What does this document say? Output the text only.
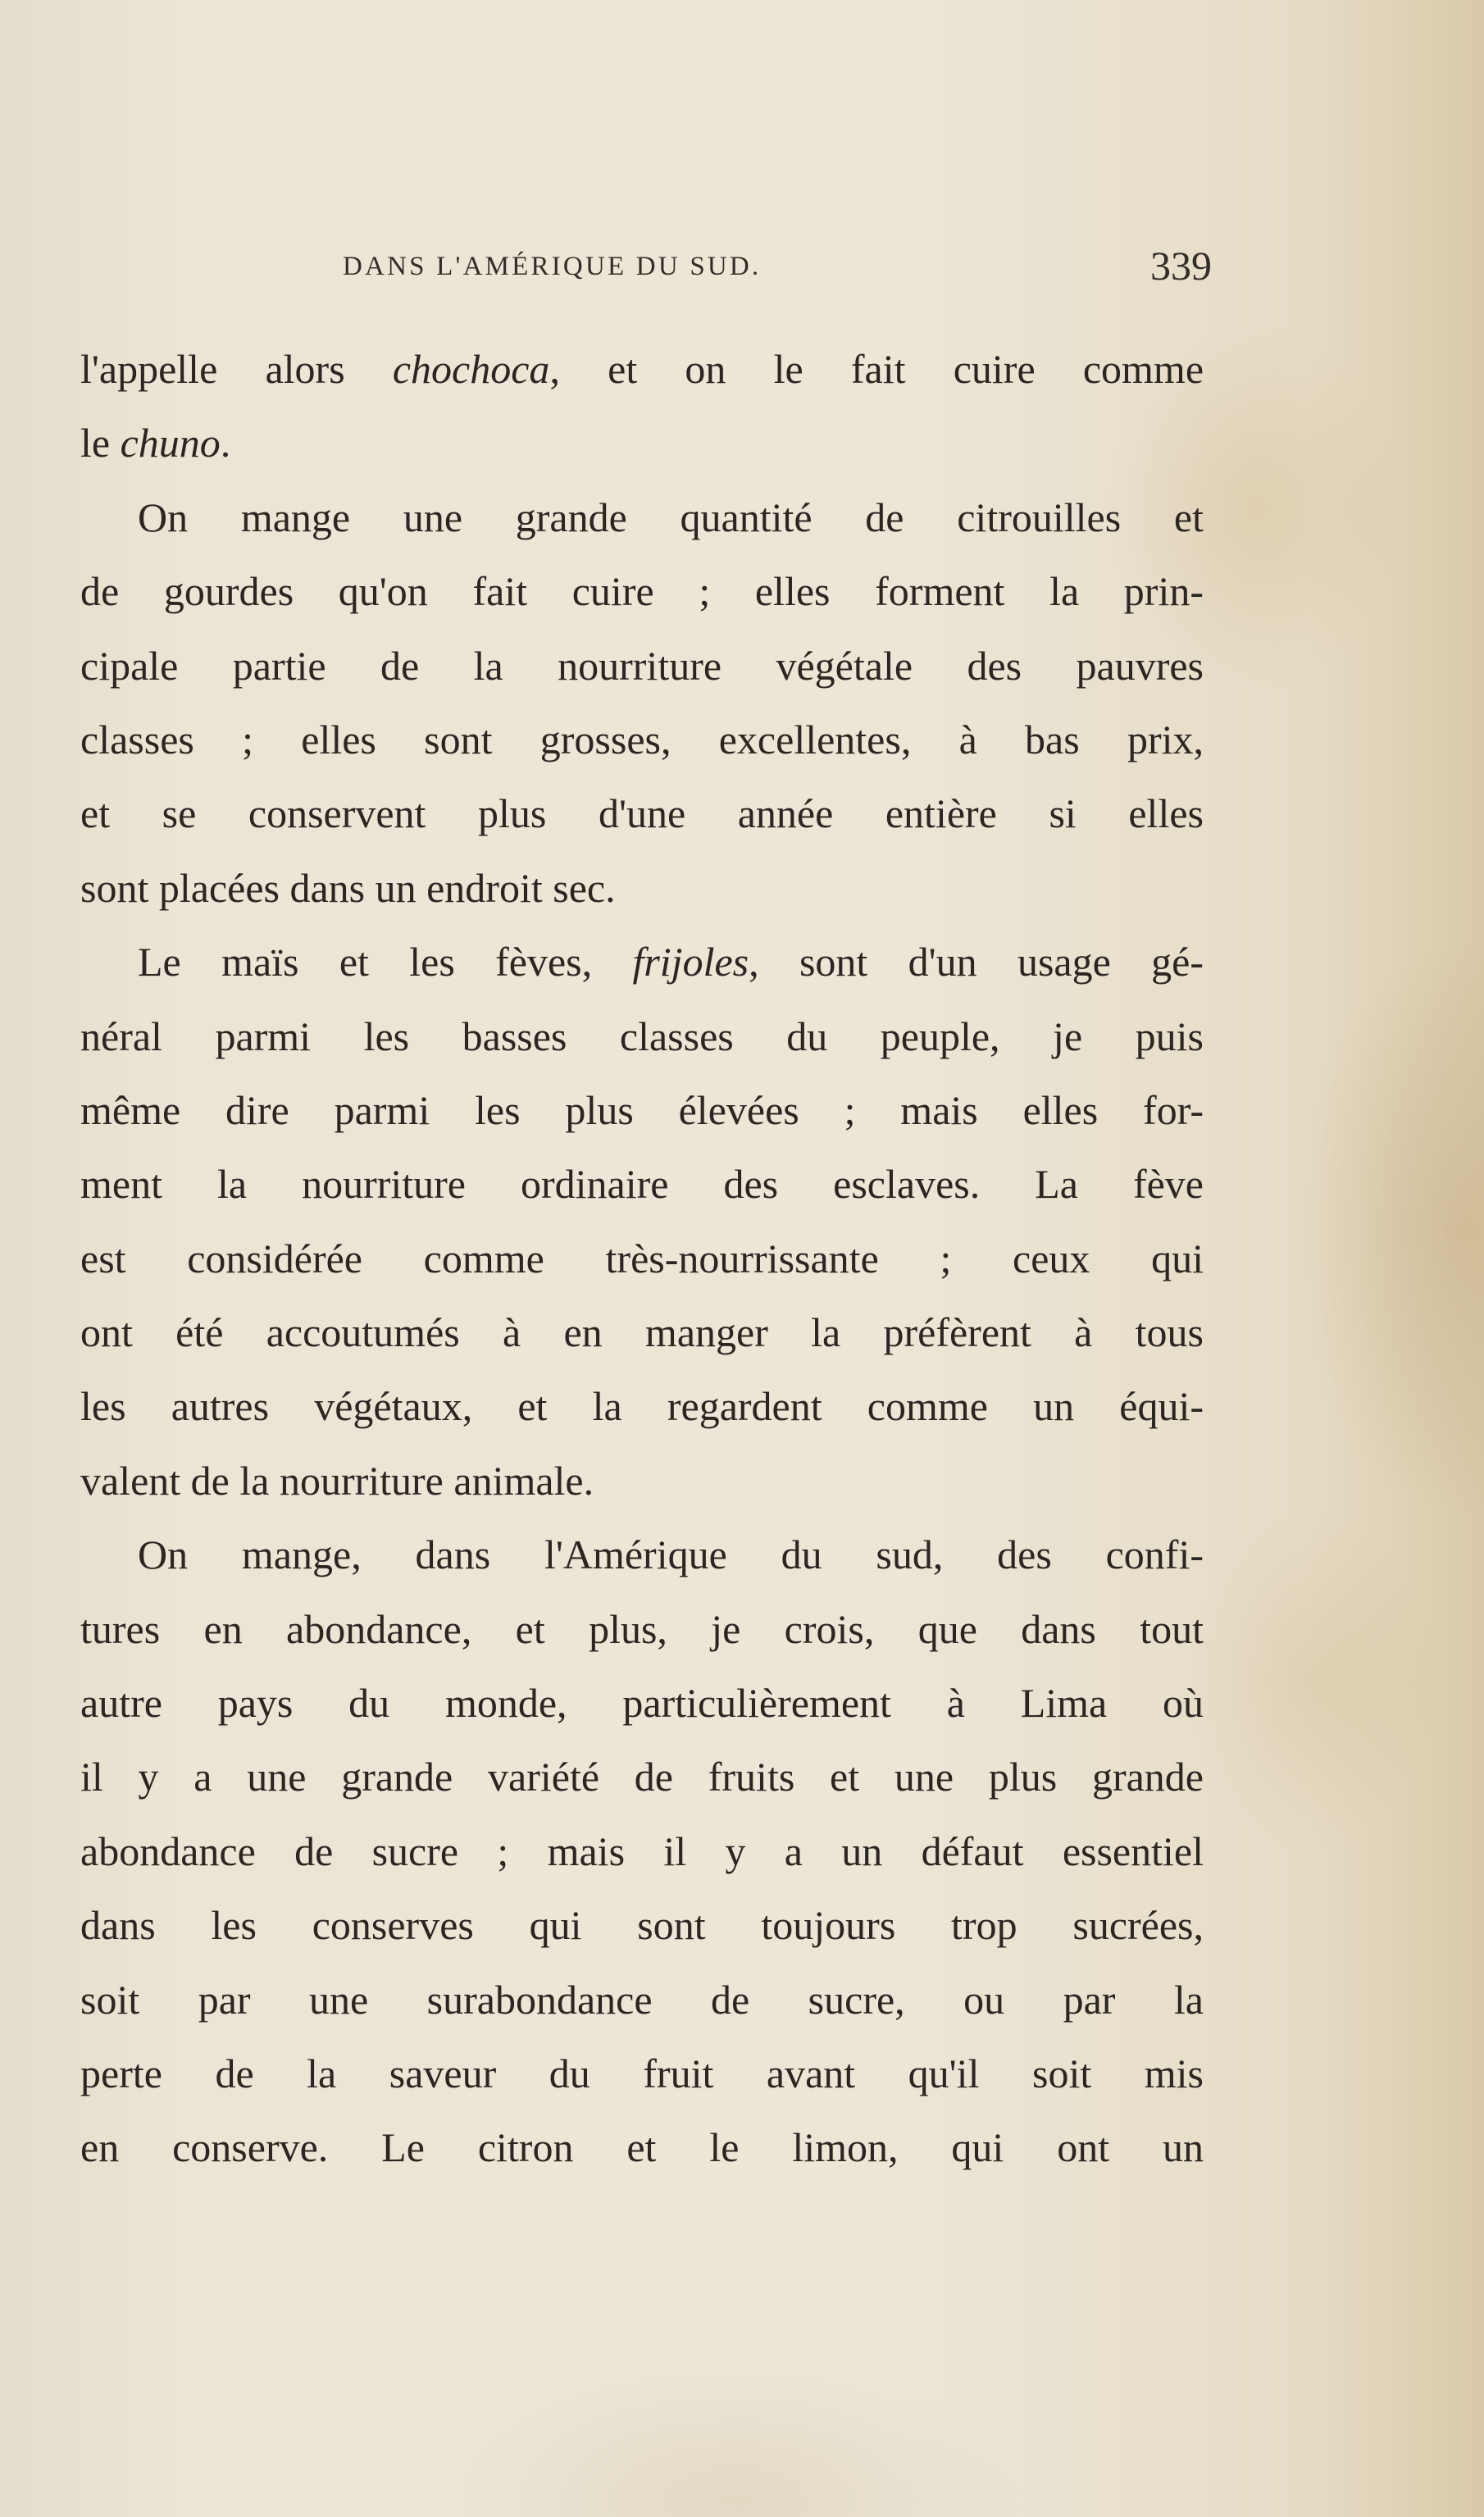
DANS L'AMÉRIQUE DU SUD.	339
l'appelle alors chochoca, et on le fait cuire comme
le chuno.
On mange une grande quantité de citrouilles et
de gourdes qu'on fait cuire ; elles forment la prin-
cipale partie de la nourriture végétale des pauvres
classes ; elles sont grosses, excellentes, à bas prix,
et se conservent plus d'une année entière si elles
sont placées dans un endroit sec.
Le maïs et les fèves, frijoles, sont d'un usage gé-
néral parmi les basses classes du peuple, je puis
même dire parmi les plus élevées ; mais elles for-
ment la nourriture ordinaire des esclaves. La fève
est considérée comme très-nourrissante ; ceux qui
ont été accoutumés à en manger la préfèrent à tous
les autres végétaux, et la regardent comme un équi-
valent de la nourriture animale.
On mange, dans l'Amérique du sud, des confi-
tures en abondance, et plus, je crois, que dans tout
autre pays du monde, particulièrement à Lima où
il y a une grande variété de fruits et une plus grande
abondance de sucre ; mais il y a un défaut essentiel
dans les conserves qui sont toujours trop sucrées,
soit par une surabondance de sucre, ou par la
perte de la saveur du fruit avant qu'il soit mis
en conserve. Le citron et le limon, qui ont un
